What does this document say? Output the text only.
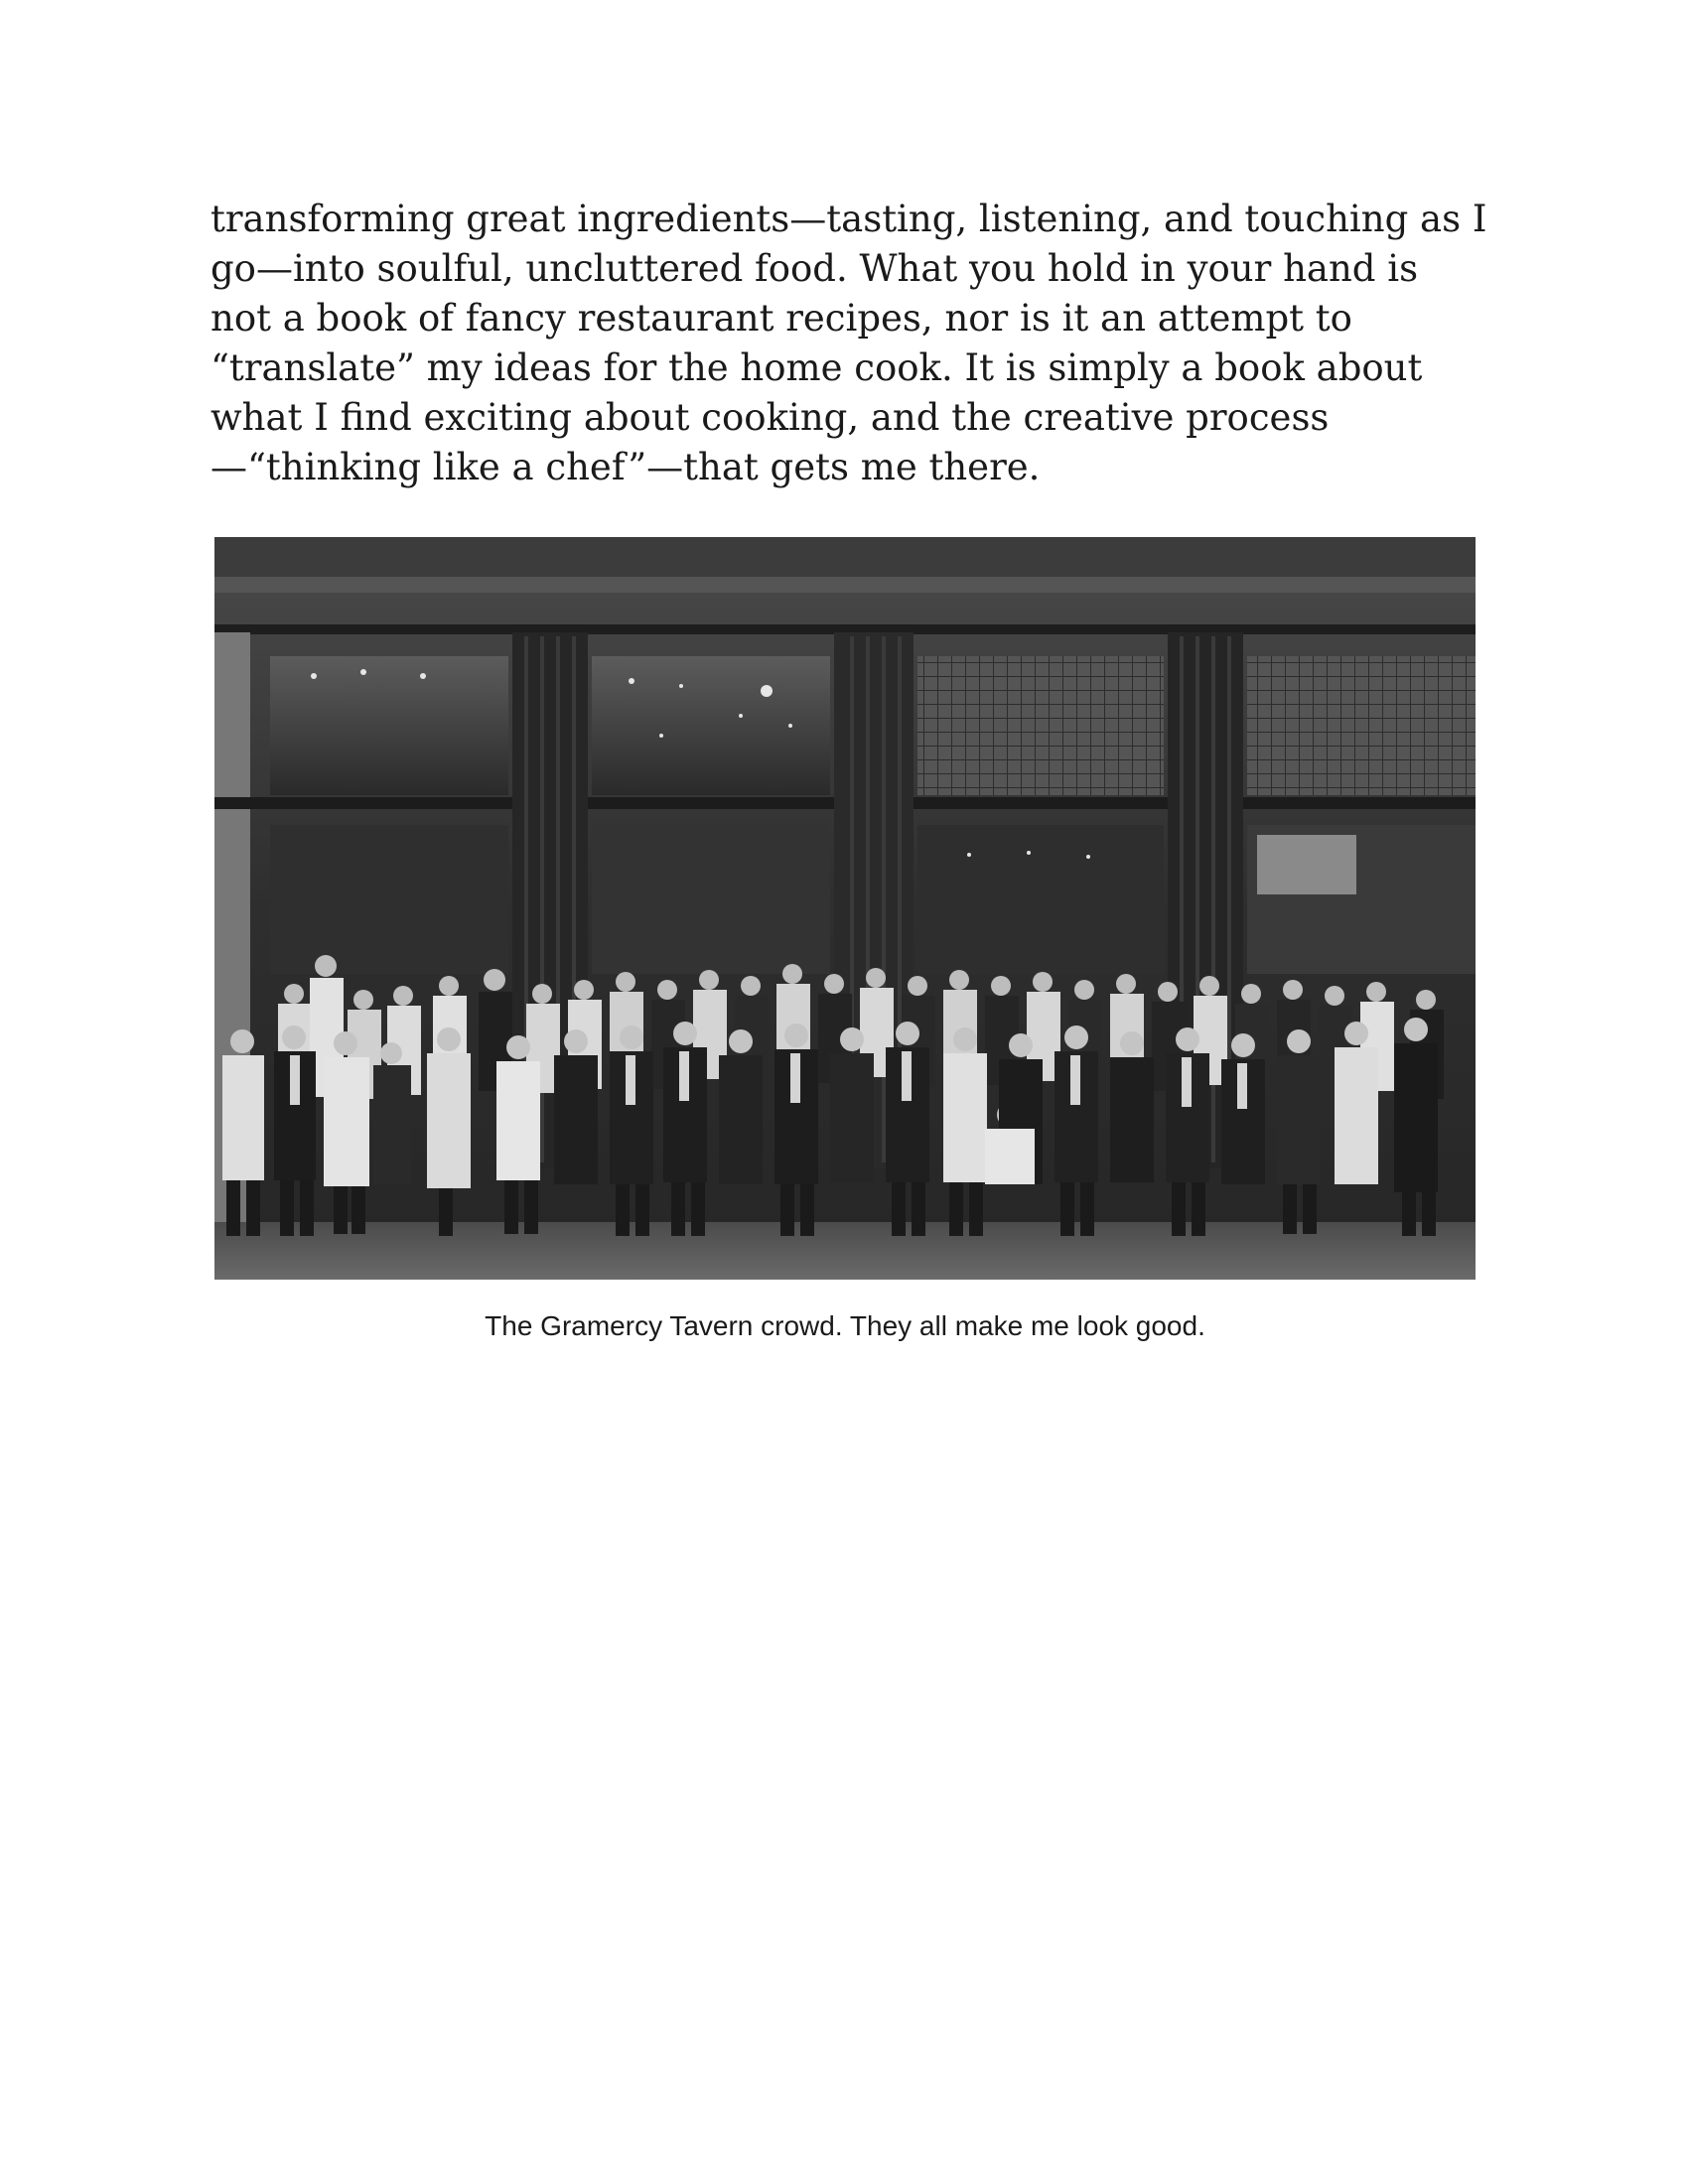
transforming great ingredients—tasting, listening, and touching as I
go—into soulful, uncluttered food. What you hold in your hand is
not a book of fancy restaurant recipes, nor is it an attempt to
“translate” my ideas for the home cook. It is simply a book about
what I find exciting about cooking, and the creative process
—“thinking like a chef”—that gets me there.

The Gramercy Tavern crowd. They all make me look good.
